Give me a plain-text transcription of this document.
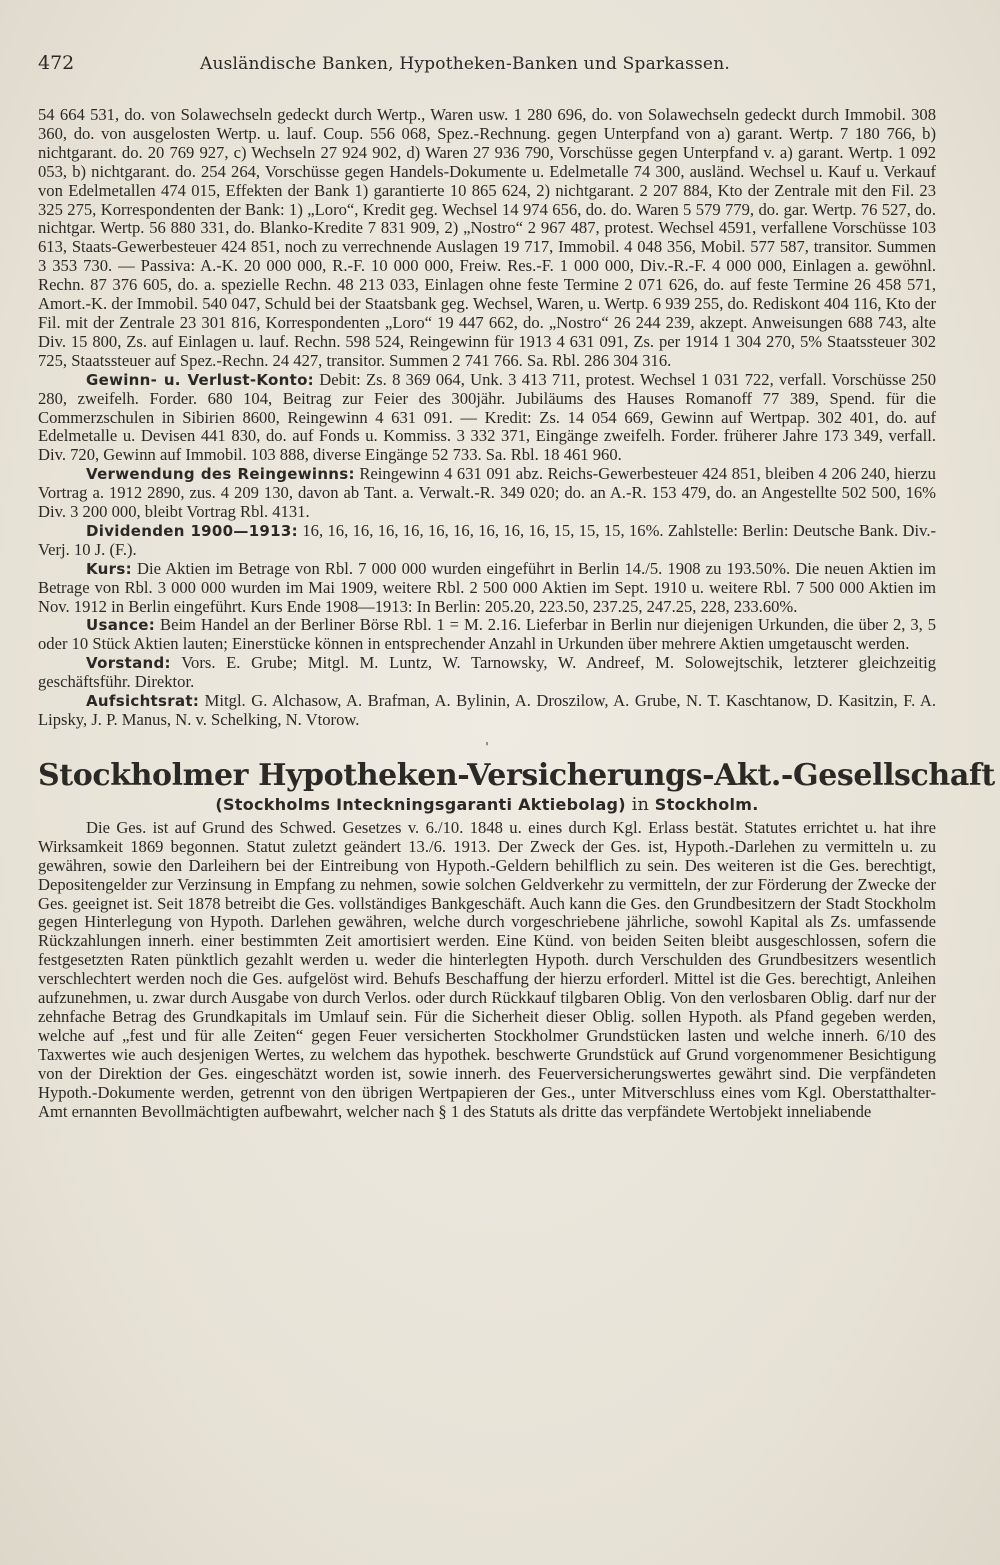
472	Ausländische Banken, Hypotheken-Banken und Sparkassen.

54 664 531, do. von Solawechseln gedeckt durch Wertp., Waren usw. 1 280 696, do. von Solawechseln gedeckt durch Immobil. 308 360, do. von ausgelosten Wertp. u. lauf. Coup. 556 068, Spez.-Rechnung. gegen Unterpfand von a) garant. Wertp. 7 180 766, b) nichtgarant. do. 20 769 927, c) Wechseln 27 924 902, d) Waren 27 936 790, Vorschüsse gegen Unterpfand v. a) garant. Wertp. 1 092 053, b) nichtgarant. do. 254 264, Vorschüsse gegen Handels-Dokumente u. Edelmetalle 74 300, ausländ. Wechsel u. Kauf u. Verkauf von Edelmetallen 474 015, Effekten der Bank 1) garantierte 10 865 624, 2) nichtgarant. 2 207 884, Kto der Zentrale mit den Fil. 23 325 275, Korrespondenten der Bank: 1) „Loro“, Kredit geg. Wechsel 14 974 656, do. do. Waren 5 579 779, do. gar. Wertp. 76 527, do. nichtgar. Wertp. 56 880 331, do. Blanko-Kredite 7 831 909, 2) „Nostro“ 2 967 487, protest. Wechsel 4591, verfallene Vorschüsse 103 613, Staats-Gewerbesteuer 424 851, noch zu verrechnende Auslagen 19 717, Immobil. 4 048 356, Mobil. 577 587, transitor. Summen 3 353 730. — Passiva: A.-K. 20 000 000, R.-F. 10 000 000, Freiw. Res.-F. 1 000 000, Div.-R.-F. 4 000 000, Einlagen a. gewöhnl. Rechn. 87 376 605, do. a. spezielle Rechn. 48 213 033, Einlagen ohne feste Termine 2 071 626, do. auf feste Termine 26 458 571, Amort.-K. der Immobil. 540 047, Schuld bei der Staatsbank geg. Wechsel, Waren, u. Wertp. 6 939 255, do. Rediskont 404 116, Kto der Fil. mit der Zentrale 23 301 816, Korrespondenten „Loro“ 19 447 662, do. „Nostro“ 26 244 239, akzept. Anweisungen 688 743, alte Div. 15 800, Zs. auf Einlagen u. lauf. Rechn. 598 524, Reingewinn für 1913 4 631 091, Zs. per 1914 1 304 270, 5% Staatssteuer 302 725, Staatssteuer auf Spez.-Rechn. 24 427, transitor. Summen 2 741 766. Sa. Rbl. 286 304 316.

Gewinn- u. Verlust-Konto: Debit: Zs. 8 369 064, Unk. 3 413 711, protest. Wechsel 1 031 722, verfall. Vorschüsse 250 280, zweifelh. Forder. 680 104, Beitrag zur Feier des 300jähr. Jubiläums des Hauses Romanoff 77 389, Spend. für die Commerzschulen in Sibirien 8600, Reingewinn 4 631 091. — Kredit: Zs. 14 054 669, Gewinn auf Wertpap. 302 401, do. auf Edelmetalle u. Devisen 441 830, do. auf Fonds u. Kommiss. 3 332 371, Eingänge zweifelh. Forder. früherer Jahre 173 349, verfall. Div. 720, Gewinn auf Immobil. 103 888, diverse Eingänge 52 733. Sa. Rbl. 18 461 960.

Verwendung des Reingewinns: Reingewinn 4 631 091 abz. Reichs-Gewerbesteuer 424 851, bleiben 4 206 240, hierzu Vortrag a. 1912 2890, zus. 4 209 130, davon ab Tant. a. Verwalt.-R. 349 020; do. an A.-R. 153 479, do. an Angestellte 502 500, 16% Div. 3 200 000, bleibt Vortrag Rbl. 4131.

Dividenden 1900—1913: 16, 16, 16, 16, 16, 16, 16, 16, 16, 16, 15, 15, 15, 16%. Zahlstelle: Berlin: Deutsche Bank. Div.-Verj. 10 J. (F.).

Kurs: Die Aktien im Betrage von Rbl. 7 000 000 wurden eingeführt in Berlin 14./5. 1908 zu 193.50%. Die neuen Aktien im Betrage von Rbl. 3 000 000 wurden im Mai 1909, weitere Rbl. 2 500 000 Aktien im Sept. 1910 u. weitere Rbl. 7 500 000 Aktien im Nov. 1912 in Berlin eingeführt. Kurs Ende 1908—1913: In Berlin: 205.20, 223.50, 237.25, 247.25, 228, 233.60%.

Usance: Beim Handel an der Berliner Börse Rbl. 1 = M. 2.16. Lieferbar in Berlin nur diejenigen Urkunden, die über 2, 3, 5 oder 10 Stück Aktien lauten; Einerstücke können in entsprechender Anzahl in Urkunden über mehrere Aktien umgetauscht werden.

Vorstand: Vors. E. Grube; Mitgl. M. Luntz, W. Tarnowsky, W. Andreef, M. Solowejtschik, letzterer gleichzeitig geschäftsführ. Direktor.

Aufsichtsrat: Mitgl. G. Alchasow, A. Brafman, A. Bylinin, A. Droszilow, A. Grube, N. T. Kaschtanow, D. Kasitzin, F. A. Lipsky, J. P. Manus, N. v. Schelking, N. Vtorow.

'
Stockholmer Hypotheken-Versicherungs-Akt.-Gesellschaft
(Stockholms Inteckningsgaranti Aktiebolag) in Stockholm.

Die Ges. ist auf Grund des Schwed. Gesetzes v. 6./10. 1848 u. eines durch Kgl. Erlass bestät. Statutes errichtet u. hat ihre Wirksamkeit 1869 begonnen. Statut zuletzt geändert 13./6. 1913. Der Zweck der Ges. ist, Hypoth.-Darlehen zu vermitteln u. zu gewähren, sowie den Darleihern bei der Eintreibung von Hypoth.-Geldern behilflich zu sein. Des weiteren ist die Ges. berechtigt, Depositengelder zur Verzinsung in Empfang zu nehmen, sowie solchen Geldverkehr zu vermitteln, der zur Förderung der Zwecke der Ges. geeignet ist. Seit 1878 betreibt die Ges. vollständiges Bankgeschäft. Auch kann die Ges. den Grundbesitzern der Stadt Stockholm gegen Hinterlegung von Hypoth. Darlehen gewähren, welche durch vorgeschriebene jährliche, sowohl Kapital als Zs. umfassende Rückzahlungen innerh. einer bestimmten Zeit amortisiert werden. Eine Künd. von beiden Seiten bleibt ausgeschlossen, sofern die festgesetzten Raten pünktlich gezahlt werden u. weder die hinterlegten Hypoth. durch Verschulden des Grundbesitzers wesentlich verschlechtert werden noch die Ges. aufgelöst wird. Behufs Beschaffung der hierzu erforderl. Mittel ist die Ges. berechtigt, Anleihen aufzunehmen, u. zwar durch Ausgabe von durch Verlos. oder durch Rückkauf tilgbaren Oblig. Von den verlosbaren Oblig. darf nur der zehnfache Betrag des Grundkapitals im Umlauf sein. Für die Sicherheit dieser Oblig. sollen Hypoth. als Pfand gegeben werden, welche auf „fest und für alle Zeiten“ gegen Feuer versicherten Stockholmer Grundstücken lasten und welche innerh. 6/10 des Taxwertes wie auch desjenigen Wertes, zu welchem das hypothek. beschwerte Grundstück auf Grund vorgenommener Besichtigung von der Direktion der Ges. eingeschätzt worden ist, sowie innerh. des Feuerversicherungswertes gewährt sind. Die verpfändeten Hypoth.-Dokumente werden, getrennt von den übrigen Wertpapieren der Ges., unter Mitverschluss eines vom Kgl. Oberstatthalter-Amt ernannten Bevollmächtigten aufbewahrt, welcher nach § 1 des Statuts als dritte das verpfändete Wertobjekt inneliabende
